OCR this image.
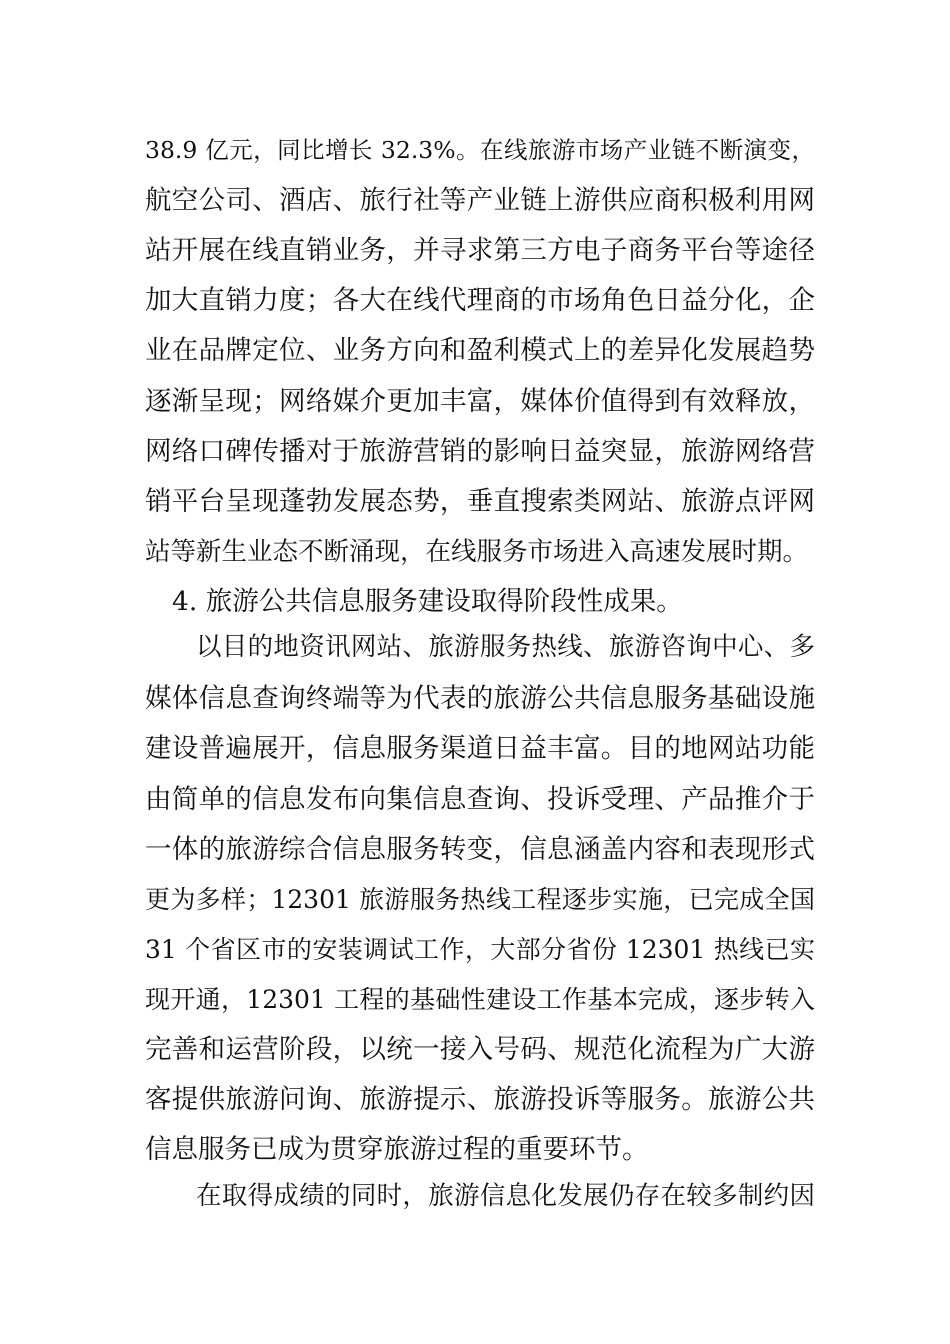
38.9 亿元，同比增长 32.3%。在线旅游市场产业链不断演变，
航空公司、酒店、旅行社等产业链上游供应商积极利用网
站开展在线直销业务，并寻求第三方电子商务平台等途径
加大直销力度；各大在线代理商的市场角色日益分化，企
业在品牌定位、业务方向和盈利模式上的差异化发展趋势
逐渐呈现；网络媒介更加丰富，媒体价值得到有效释放，
网络口碑传播对于旅游营销的影响日益突显，旅游网络营
销平台呈现蓬勃发展态势，垂直搜索类网站、旅游点评网
站等新生业态不断涌现，在线服务市场进入高速发展时期。
4. 旅游公共信息服务建设取得阶段性成果。
以目的地资讯网站、旅游服务热线、旅游咨询中心、多
媒体信息查询终端等为代表的旅游公共信息服务基础设施
建设普遍展开，信息服务渠道日益丰富。目的地网站功能
由简单的信息发布向集信息查询、投诉受理、产品推介于
一体的旅游综合信息服务转变，信息涵盖内容和表现形式
更为多样；12301 旅游服务热线工程逐步实施，已完成全国
31 个省区市的安装调试工作，大部分省份 12301 热线已实
现开通，12301 工程的基础性建设工作基本完成，逐步转入
完善和运营阶段，以统一接入号码、规范化流程为广大游
客提供旅游问询、旅游提示、旅游投诉等服务。旅游公共
信息服务已成为贯穿旅游过程的重要环节。
在取得成绩的同时，旅游信息化发展仍存在较多制约因
